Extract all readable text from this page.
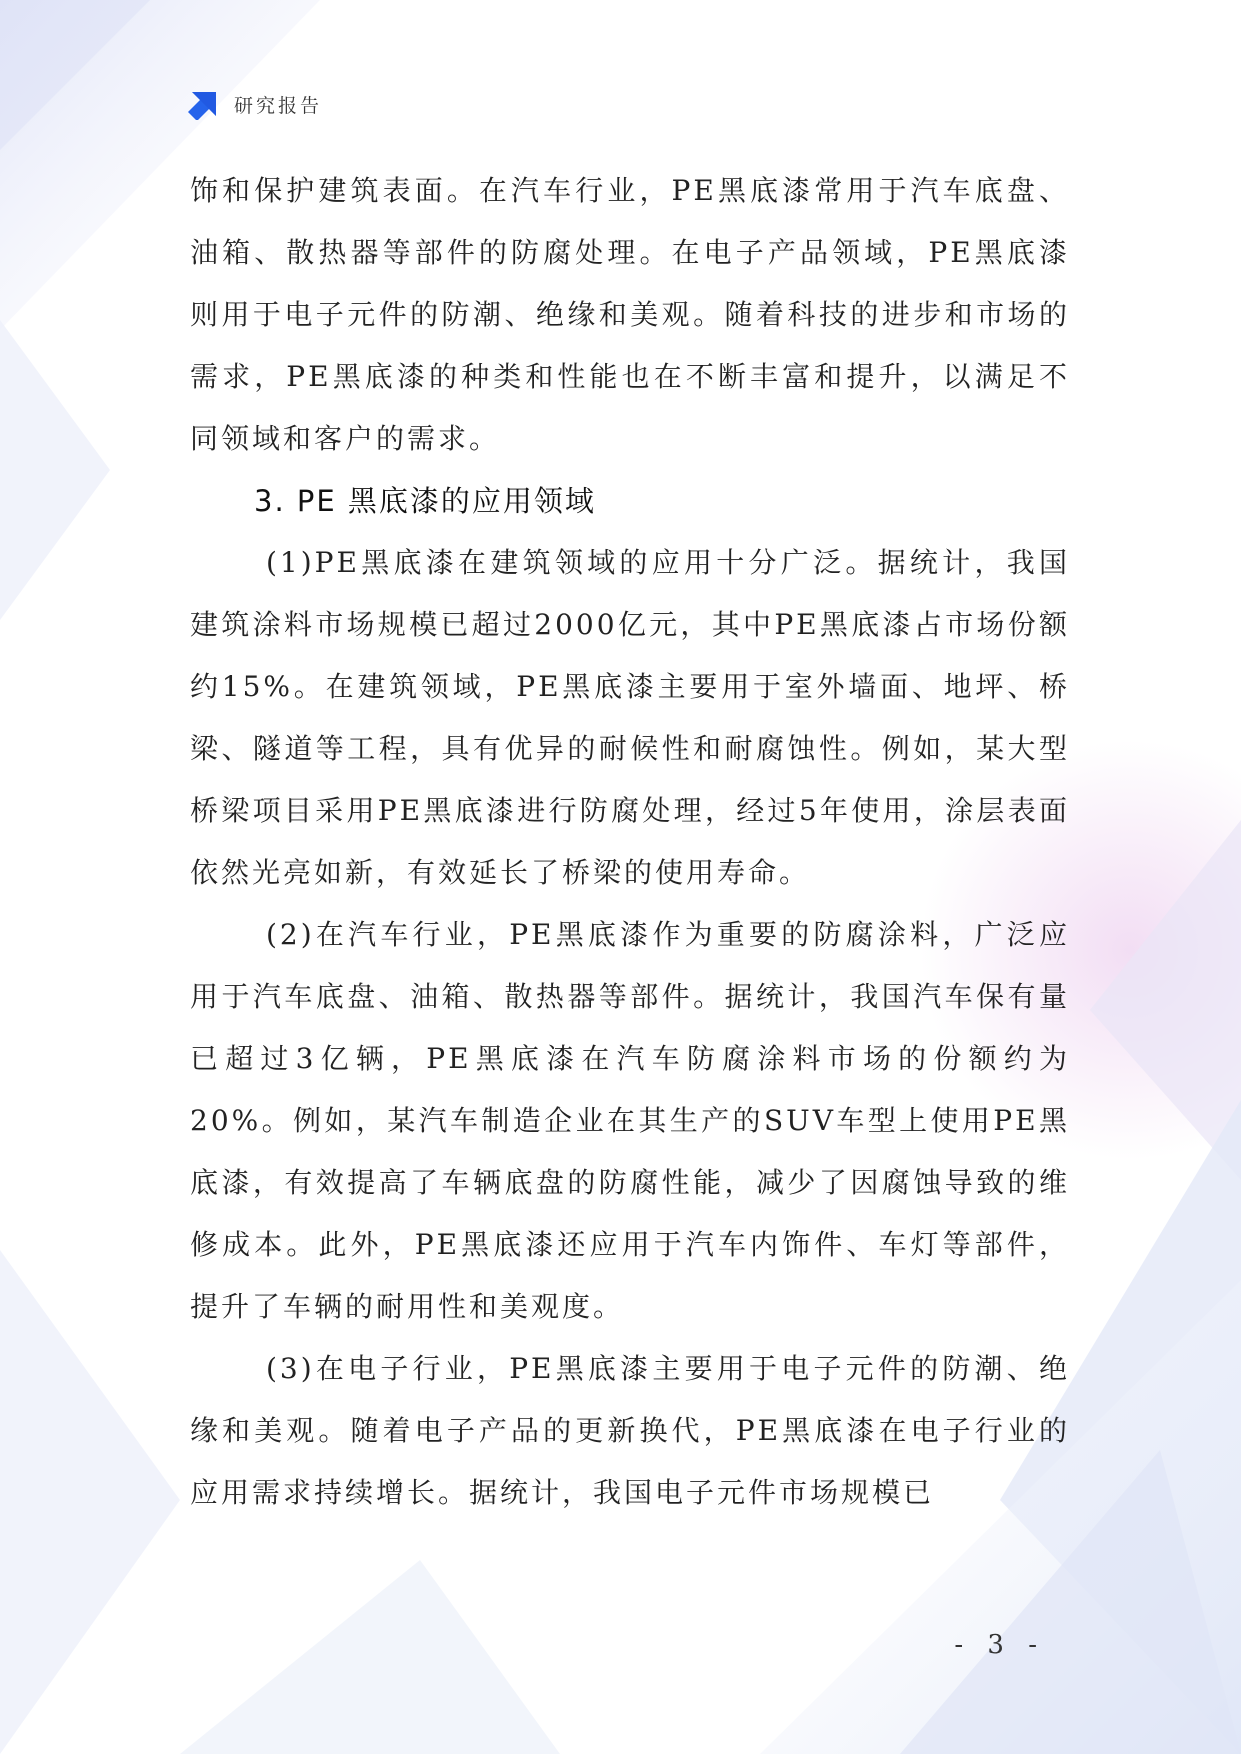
研究报告

饰和保护建筑表面。在汽车行业，PE黑底漆常用于汽车底盘、油箱、散热器等部件的防腐处理。在电子产品领域，PE黑底漆则用于电子元件的防潮、绝缘和美观。随着科技的进步和市场的需求，PE黑底漆的种类和性能也在不断丰富和提升，以满足不同领域和客户的需求。

3. PE 黑底漆的应用领域

(1)PE黑底漆在建筑领域的应用十分广泛。据统计，我国建筑涂料市场规模已超过2000亿元，其中PE黑底漆占市场份额约15%。在建筑领域，PE黑底漆主要用于室外墙面、地坪、桥梁、隧道等工程，具有优异的耐候性和耐腐蚀性。例如，某大型桥梁项目采用PE黑底漆进行防腐处理，经过5年使用，涂层表面依然光亮如新，有效延长了桥梁的使用寿命。

(2)在汽车行业，PE黑底漆作为重要的防腐涂料，广泛应用于汽车底盘、油箱、散热器等部件。据统计，我国汽车保有量已超过3亿辆，PE黑底漆在汽车防腐涂料市场的份额约为20%。例如，某汽车制造企业在其生产的SUV车型上使用PE黑底漆，有效提高了车辆底盘的防腐性能，减少了因腐蚀导致的维修成本。此外，PE黑底漆还应用于汽车内饰件、车灯等部件，提升了车辆的耐用性和美观度。

(3)在电子行业，PE黑底漆主要用于电子元件的防潮、绝缘和美观。随着电子产品的更新换代，PE黑底漆在电子行业的应用需求持续增长。据统计，我国电子元件市场规模已

- 3 -
